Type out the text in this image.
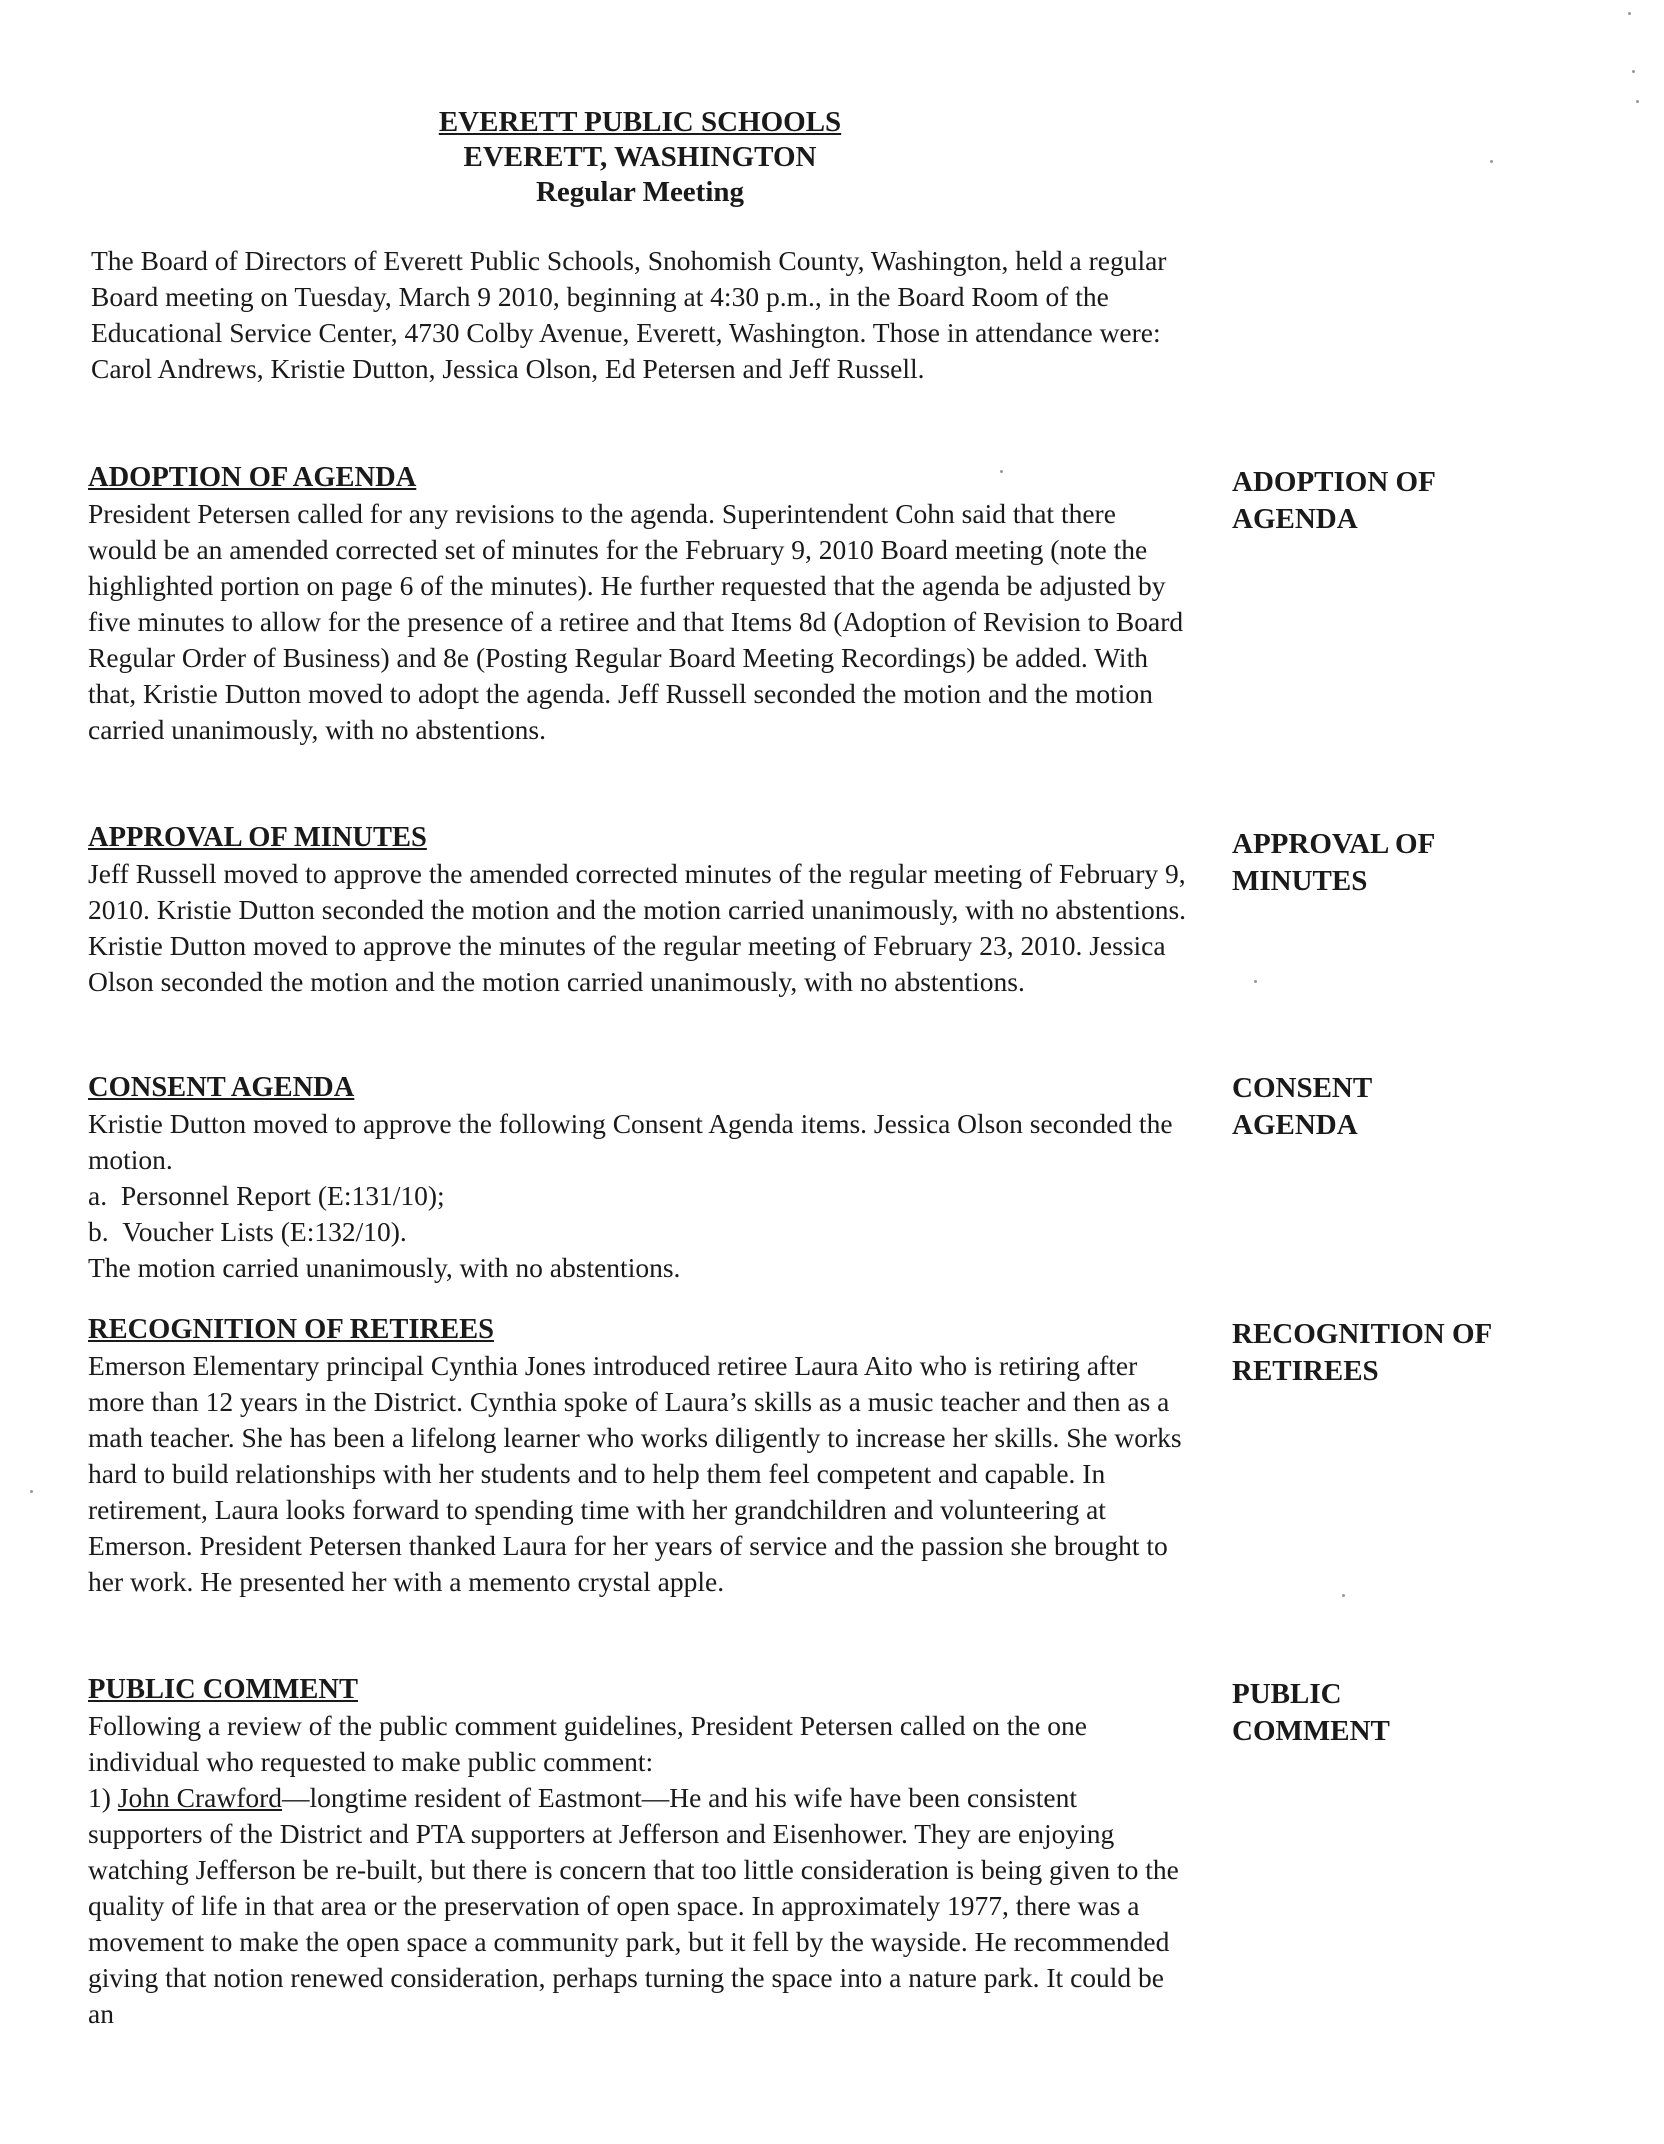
EVERETT PUBLIC SCHOOLS
EVERETT, WASHINGTON
Regular Meeting
The Board of Directors of Everett Public Schools, Snohomish County, Washington, held a regular Board meeting on Tuesday, March 9 2010, beginning at 4:30 p.m., in the Board Room of the Educational Service Center, 4730 Colby Avenue, Everett, Washington. Those in attendance were: Carol Andrews, Kristie Dutton, Jessica Olson, Ed Petersen and Jeff Russell.
ADOPTION OF AGENDA

President Petersen called for any revisions to the agenda. Superintendent Cohn said that there would be an amended corrected set of minutes for the February 9, 2010 Board meeting (note the highlighted portion on page 6 of the minutes). He further requested that the agenda be adjusted by five minutes to allow for the presence of a retiree and that Items 8d (Adoption of Revision to Board Regular Order of Business) and 8e (Posting Regular Board Meeting Recordings) be added. With that, Kristie Dutton moved to adopt the agenda. Jeff Russell seconded the motion and the motion carried unanimously, with no abstentions.

ADOPTION OF
AGENDA
APPROVAL OF MINUTES

Jeff Russell moved to approve the amended corrected minutes of the regular meeting of February 9, 2010. Kristie Dutton seconded the motion and the motion carried unanimously, with no abstentions. Kristie Dutton moved to approve the minutes of the regular meeting of February 23, 2010. Jessica Olson seconded the motion and the motion carried unanimously, with no abstentions.

APPROVAL OF
MINUTES
CONSENT AGENDA

Kristie Dutton moved to approve the following Consent Agenda items. Jessica Olson seconded the motion.

a.  Personnel Report (E:131/10);

b.  Voucher Lists (E:132/10).

The motion carried unanimously, with no abstentions.

CONSENT
AGENDA
RECOGNITION OF RETIREES

Emerson Elementary principal Cynthia Jones introduced retiree Laura Aito who is retiring after more than 12 years in the District. Cynthia spoke of Laura’s skills as a music teacher and then as a math teacher. She has been a lifelong learner who works diligently to increase her skills. She works hard to build relationships with her students and to help them feel competent and capable. In retirement, Laura looks forward to spending time with her grandchildren and volunteering at Emerson. President Petersen thanked Laura for her years of service and the passion she brought to her work. He presented her with a memento crystal apple.

RECOGNITION OF
RETIREES
PUBLIC COMMENT

Following a review of the public comment guidelines, President Petersen called on the one individual who requested to make public comment:

1) John Crawford—longtime resident of Eastmont—He and his wife have been consistent supporters of the District and PTA supporters at Jefferson and Eisenhower. They are enjoying watching Jefferson be re-built, but there is concern that too little consideration is being given to the quality of life in that area or the preservation of open space. In approximately 1977, there was a movement to make the open space a community park, but it fell by the wayside. He recommended giving that notion renewed consideration, perhaps turning the space into a nature park. It could be an

PUBLIC
COMMENT
